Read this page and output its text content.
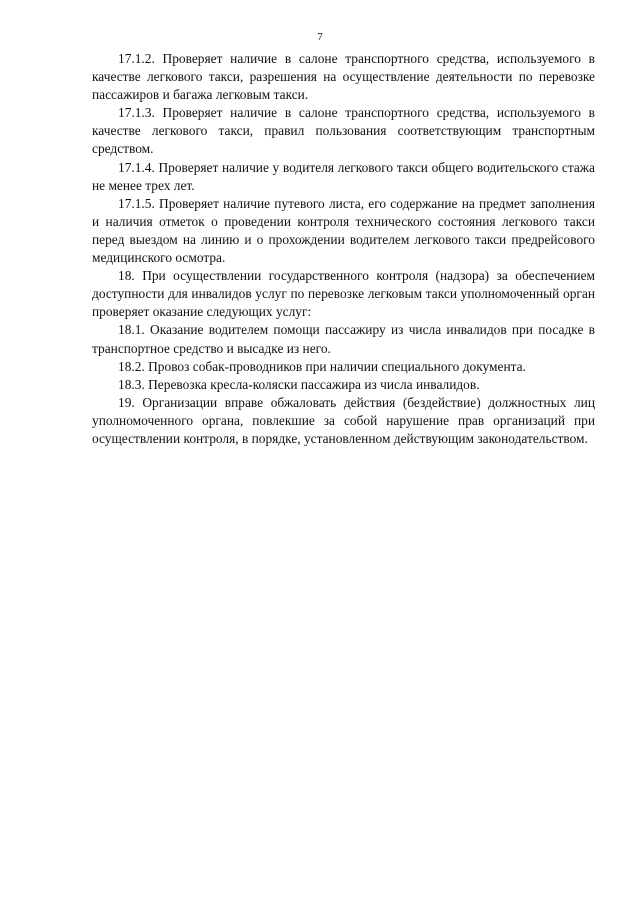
7

17.1.2. Проверяет наличие в салоне транспортного средства, используемого в качестве легкового такси, разрешения на осуществление деятельности по перевозке пассажиров и багажа легковым такси.

17.1.3. Проверяет наличие в салоне транспортного средства, используемого в качестве легкового такси, правил пользования соответствующим транспортным средством.

17.1.4. Проверяет наличие у водителя легкового такси общего водительского стажа не менее трех лет.

17.1.5. Проверяет наличие путевого листа, его содержание на предмет заполнения и наличия отметок о проведении контроля технического состояния легкового такси перед выездом на линию и о прохождении водителем легкового такси предрейсового медицинского осмотра.

18. При осуществлении государственного контроля (надзора) за обеспечением доступности для инвалидов услуг по перевозке легковым такси уполномоченный орган проверяет оказание следующих услуг:

18.1. Оказание водителем помощи пассажиру из числа инвалидов при посадке в транспортное средство и высадке из него.

18.2. Провоз собак-проводников при наличии специального документа.

18.3. Перевозка кресла-коляски пассажира из числа инвалидов.

19. Организации вправе обжаловать действия (бездействие) должностных лиц уполномоченного органа, повлекшие за собой нарушение прав организаций при осуществлении контроля, в порядке, установленном действующим законодательством.
